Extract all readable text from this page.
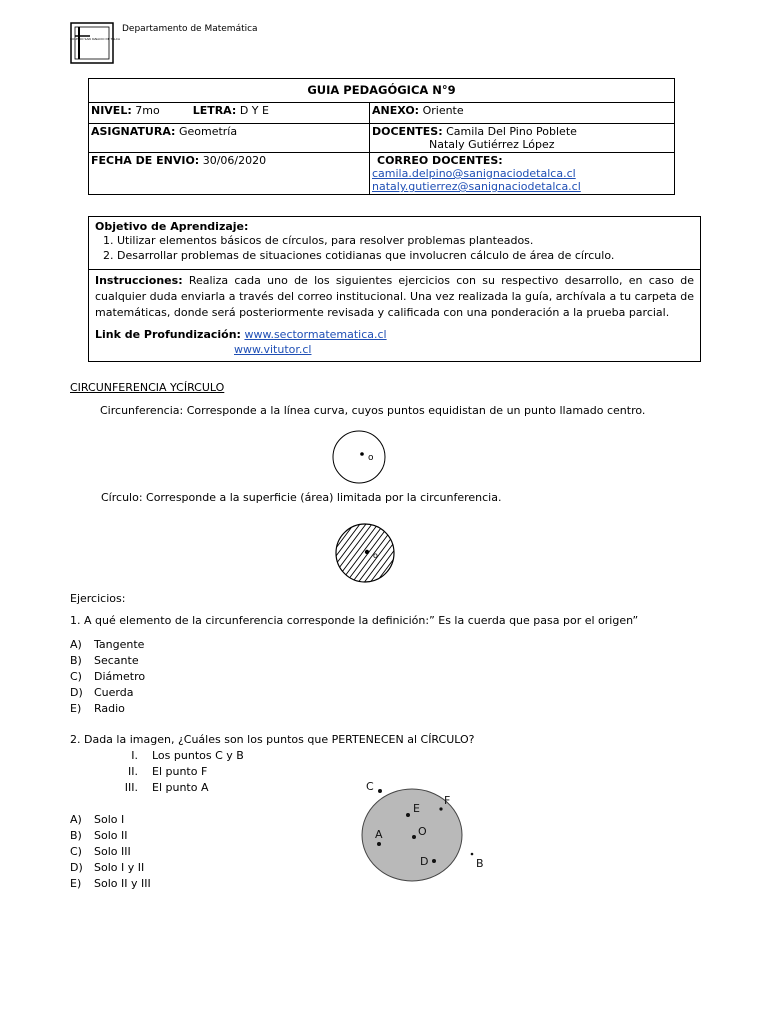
COLEGIO SAN IGNACIO DE TALCA
Departamento de Matemática
GUIA PEDAGÓGICA N°9	
NIVEL: 7mo LETRA: D Y E	ANEXO: Oriente
ASIGNATURA: Geometría	DOCENTES: Camila Del Pino Poblete
Nataly Gutiérrez López
FECHA DE ENVIO: 30/06/2020	CORREO DOCENTES:
camila.delpino@sanignaciodetalca.cl
nataly.gutierrez@sanignaciodetalca.cl
Objetivo de Aprendizaje:
1. Utilizar elementos básicos de círculos, para resolver problemas planteados.
2. Desarrollar problemas de situaciones cotidianas que involucren cálculo de área de círculo.
Instrucciones: Realiza cada uno de los siguientes ejercicios con su respectivo desarrollo, en caso de cualquier duda enviarla a través del correo institucional. Una vez realizada la guía, archívala a tu carpeta de matemáticas, donde será posteriormente revisada y calificada con una ponderación a la prueba parcial.
Link de Profundización: www.sectormatematica.cl
www.vitutor.cl
CIRCUNFERENCIA YCÍRCULO
Circunferencia: Corresponde a la línea curva, cuyos puntos equidistan de un punto llamado centro.
o
Círculo: Corresponde a la superficie (área) limitada por la circunferencia.
o
Ejercicios:
1. A qué elemento de la circunferencia corresponde la definición:” Es la cuerda que pasa por el origen”
A) Tangente
B) Secante
C) Diámetro
D) Cuerda
E) Radio
2. Dada la imagen, ¿Cuáles son los puntos que PERTENECEN al CÍRCULO?
I. Los puntos C y B
II. El punto F
III. El punto A
A) Solo I
B) Solo II
C) Solo III
D) Solo I y II
E) Solo II y III
C
E
F
O
A
D	B
